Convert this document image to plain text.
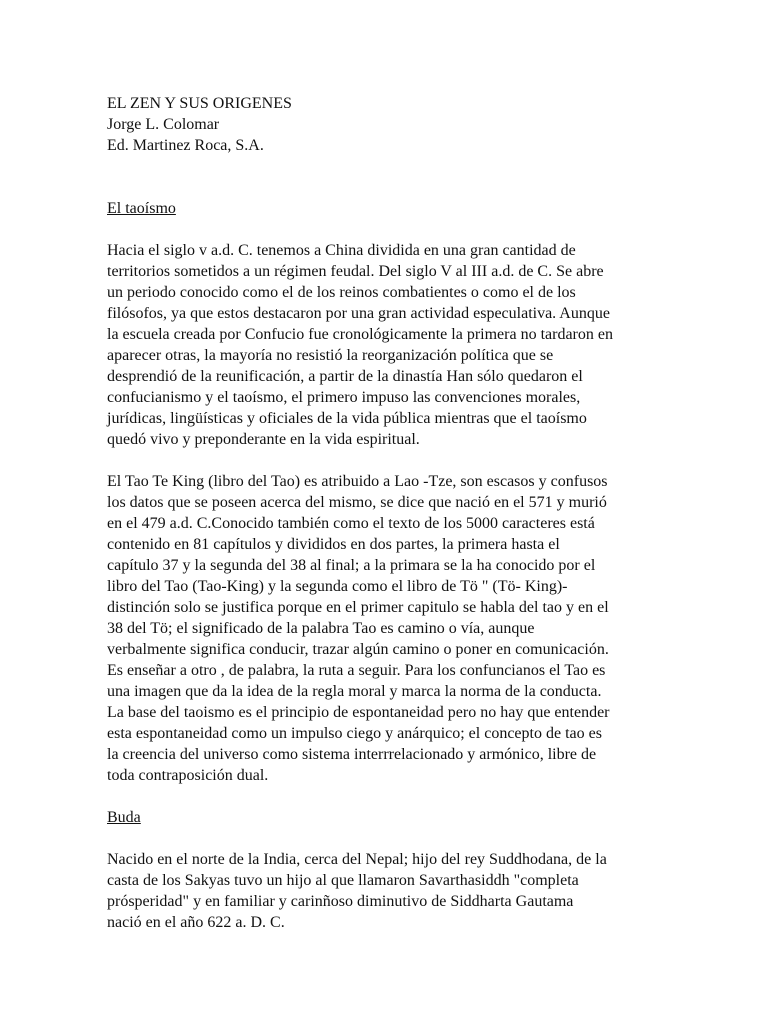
EL ZEN Y SUS ORIGENES
Jorge L. Colomar
Ed. Martinez Roca, S.A.
El taoísmo

Hacia el siglo v a.d. C. tenemos a China dividida en una gran cantidad de
territorios sometidos a un régimen feudal. Del siglo V al III a.d. de C. Se abre
un periodo conocido como el de los reinos combatientes o como el de los
filósofos, ya que estos destacaron por una gran actividad especulativa. Aunque
la escuela creada por Confucio fue cronológicamente la primera no tardaron en
aparecer otras, la mayoría no resistió la reorganización política que se
desprendió de la reunificación, a partir de la dinastía Han sólo quedaron el
confucianismo y el taoísmo, el primero impuso las convenciones morales,
jurídicas, lingüísticas y oficiales de la vida pública mientras que el taoísmo
quedó vivo y preponderante en la vida espiritual.

El Tao Te King (libro del Tao) es atribuido a Lao -Tze, son escasos y confusos
los datos que se poseen acerca del mismo, se dice que nació en el 571 y murió
en el 479 a.d. C.Conocido también como el texto de los 5000 caracteres está
contenido en 81 capítulos y divididos en dos partes, la primera hasta el
capítulo 37 y la segunda del 38 al final; a la primara se la ha conocido por el
libro del Tao (Tao-King) y la segunda como el libro de Tö " (Tö- King)-
distinción solo se justifica porque en el primer capitulo se habla del tao y en el
38 del Tö; el significado de la palabra Tao es camino o vía, aunque
verbalmente significa conducir, trazar algún camino o poner en comunicación.
Es enseñar a otro , de palabra, la ruta a seguir. Para los confuncianos el Tao es
una imagen que da la idea de la regla moral y marca la norma de la conducta.
La base del taoismo es el principio de espontaneidad pero no hay que entender
esta espontaneidad como un impulso ciego y anárquico; el concepto de tao es
la creencia del universo como sistema interrrelacionado y armónico, libre de
toda contraposición dual.

Buda

Nacido en el norte de la India, cerca del Nepal; hijo del rey Suddhodana, de la
casta de los Sakyas tuvo un hijo al que llamaron Savarthasiddh "completa
prósperidad" y en familiar y carinñoso diminutivo de Siddharta Gautama
nació en el año 622 a. D. C.
